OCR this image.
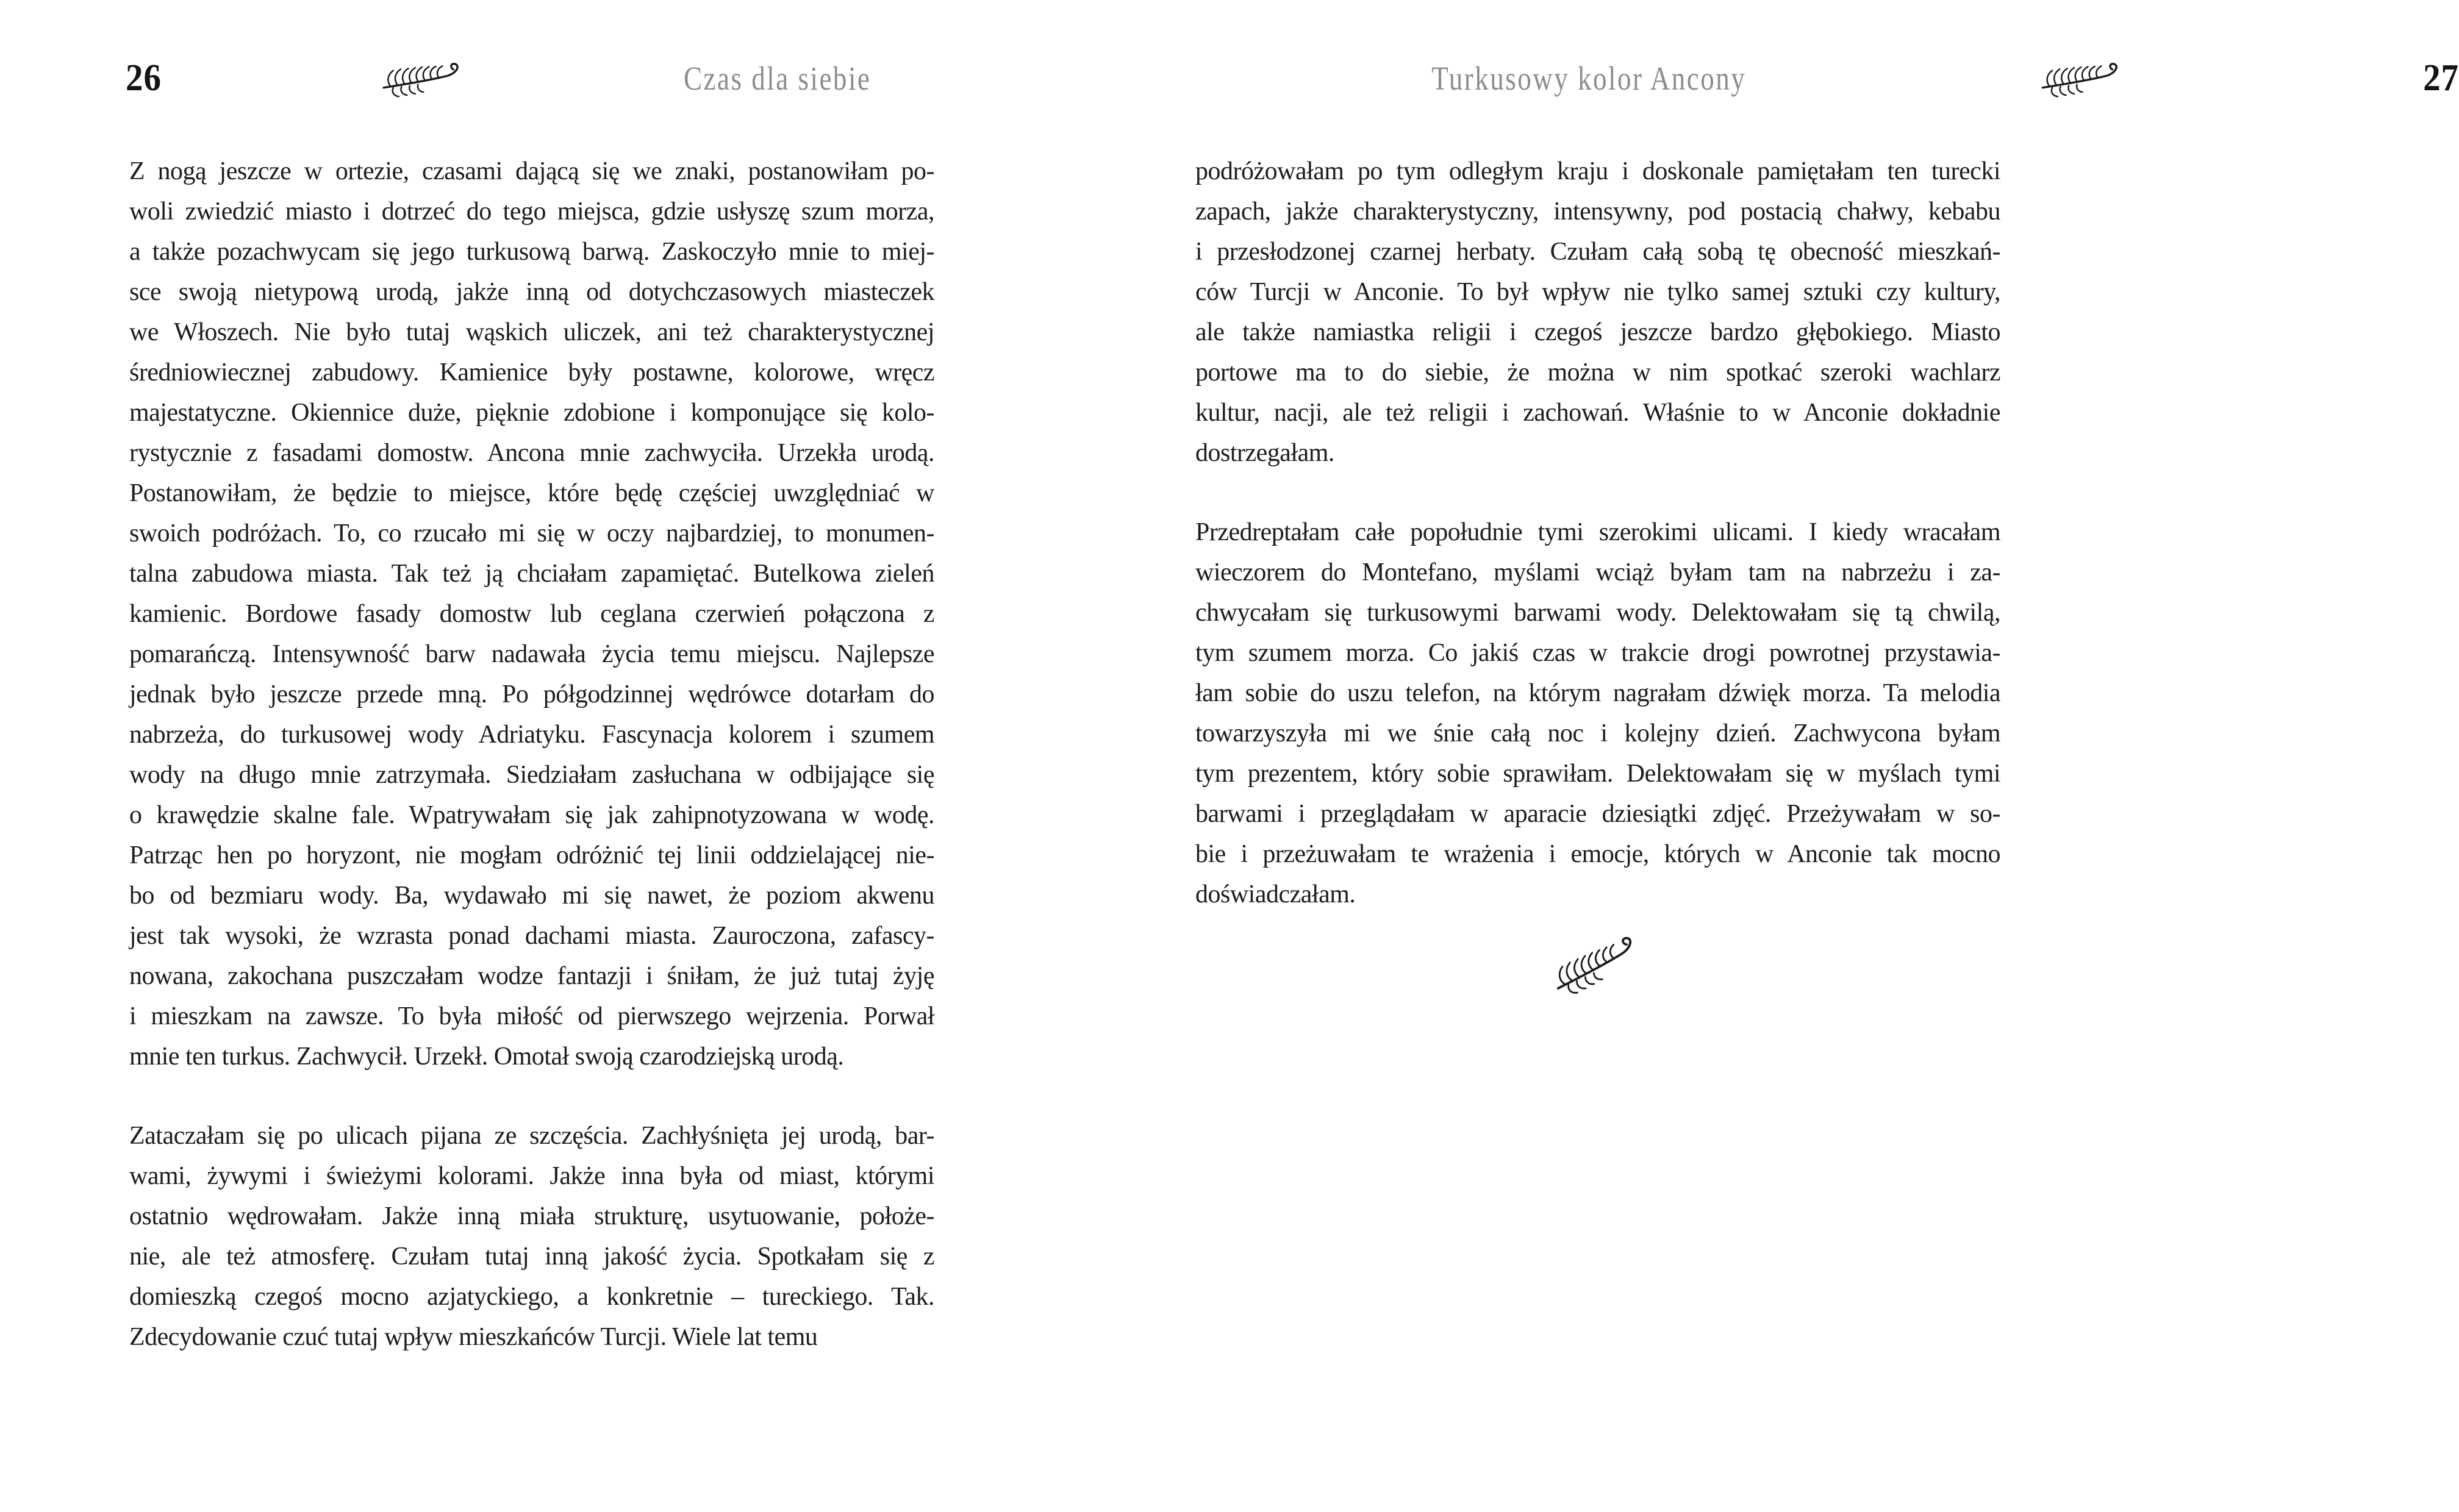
26	Czas dla siebie
Z nogą jeszcze w ortezie, czasami dającą się we znaki, postanowiłam po-
woli zwiedzić miasto i dotrzeć do tego miejsca, gdzie usłyszę szum morza,
a także pozachwycam się jego turkusową barwą. Zaskoczyło mnie to miej-
sce swoją nietypową urodą, jakże inną od dotychczasowych miasteczek
we Włoszech. Nie było tutaj wąskich uliczek, ani też charakterystycznej
średniowiecznej zabudowy. Kamienice były postawne, kolorowe, wręcz
majestatyczne. Okiennice duże, pięknie zdobione i komponujące się kolo-
rystycznie z fasadami domostw. Ancona mnie zachwyciła. Urzekła urodą.
Postanowiłam, że będzie to miejsce, które będę częściej uwzględniać w
swoich podróżach. To, co rzucało mi się w oczy najbardziej, to monumen-
talna zabudowa miasta. Tak też ją chciałam zapamiętać. Butelkowa zieleń
kamienic. Bordowe fasady domostw lub ceglana czerwień połączona z
pomarańczą. Intensywność barw nadawała życia temu miejscu. Najlepsze
jednak było jeszcze przede mną. Po półgodzinnej wędrówce dotarłam do
nabrzeża, do turkusowej wody Adriatyku. Fascynacja kolorem i szumem
wody na długo mnie zatrzymała. Siedziałam zasłuchana w odbijające się
o krawędzie skalne fale. Wpatrywałam się jak zahipnotyzowana w wodę.
Patrząc hen po horyzont, nie mogłam odróżnić tej linii oddzielającej nie-
bo od bezmiaru wody. Ba, wydawało mi się nawet, że poziom akwenu
jest tak wysoki, że wzrasta ponad dachami miasta. Zauroczona, zafascy-
nowana, zakochana puszczałam wodze fantazji i śniłam, że już tutaj żyję
i mieszkam na zawsze. To była miłość od pierwszego wejrzenia. Porwał
mnie ten turkus. Zachwycił. Urzekł. Omotał swoją czarodziejską urodą.
Zataczałam się po ulicach pijana ze szczęścia. Zachłyśnięta jej urodą, bar-
wami, żywymi i świeżymi kolorami. Jakże inna była od miast, którymi
ostatnio wędrowałam. Jakże inną miała strukturę, usytuowanie, położe-
nie, ale też atmosferę. Czułam tutaj inną jakość życia. Spotkałam się z
domieszką czegoś mocno azjatyckiego, a konkretnie – tureckiego. Tak.
Zdecydowanie czuć tutaj wpływ mieszkańców Turcji. Wiele lat temu
Turkusowy kolor Ancony	27
podróżowałam po tym odległym kraju i doskonale pamiętałam ten turecki
zapach, jakże charakterystyczny, intensywny, pod postacią chałwy, kebabu
i przesłodzonej czarnej herbaty. Czułam całą sobą tę obecność mieszkań-
ców Turcji w Anconie. To był wpływ nie tylko samej sztuki czy kultury,
ale także namiastka religii i czegoś jeszcze bardzo głębokiego. Miasto
portowe ma to do siebie, że można w nim spotkać szeroki wachlarz
kultur, nacji, ale też religii i zachowań. Właśnie to w Anconie dokładnie
dostrzegałam.
Przedreptałam całe popołudnie tymi szerokimi ulicami. I kiedy wracałam
wieczorem do Montefano, myślami wciąż byłam tam na nabrzeżu i za-
chwycałam się turkusowymi barwami wody. Delektowałam się tą chwilą,
tym szumem morza. Co jakiś czas w trakcie drogi powrotnej przystawia-
łam sobie do uszu telefon, na którym nagrałam dźwięk morza. Ta melodia
towarzyszyła mi we śnie całą noc i kolejny dzień. Zachwycona byłam
tym prezentem, który sobie sprawiłam. Delektowałam się w myślach tymi
barwami i przeglądałam w aparacie dziesiątki zdjęć. Przeżywałam w so-
bie i przeżuwałam te wrażenia i emocje, których w Anconie tak mocno
doświadczałam.
